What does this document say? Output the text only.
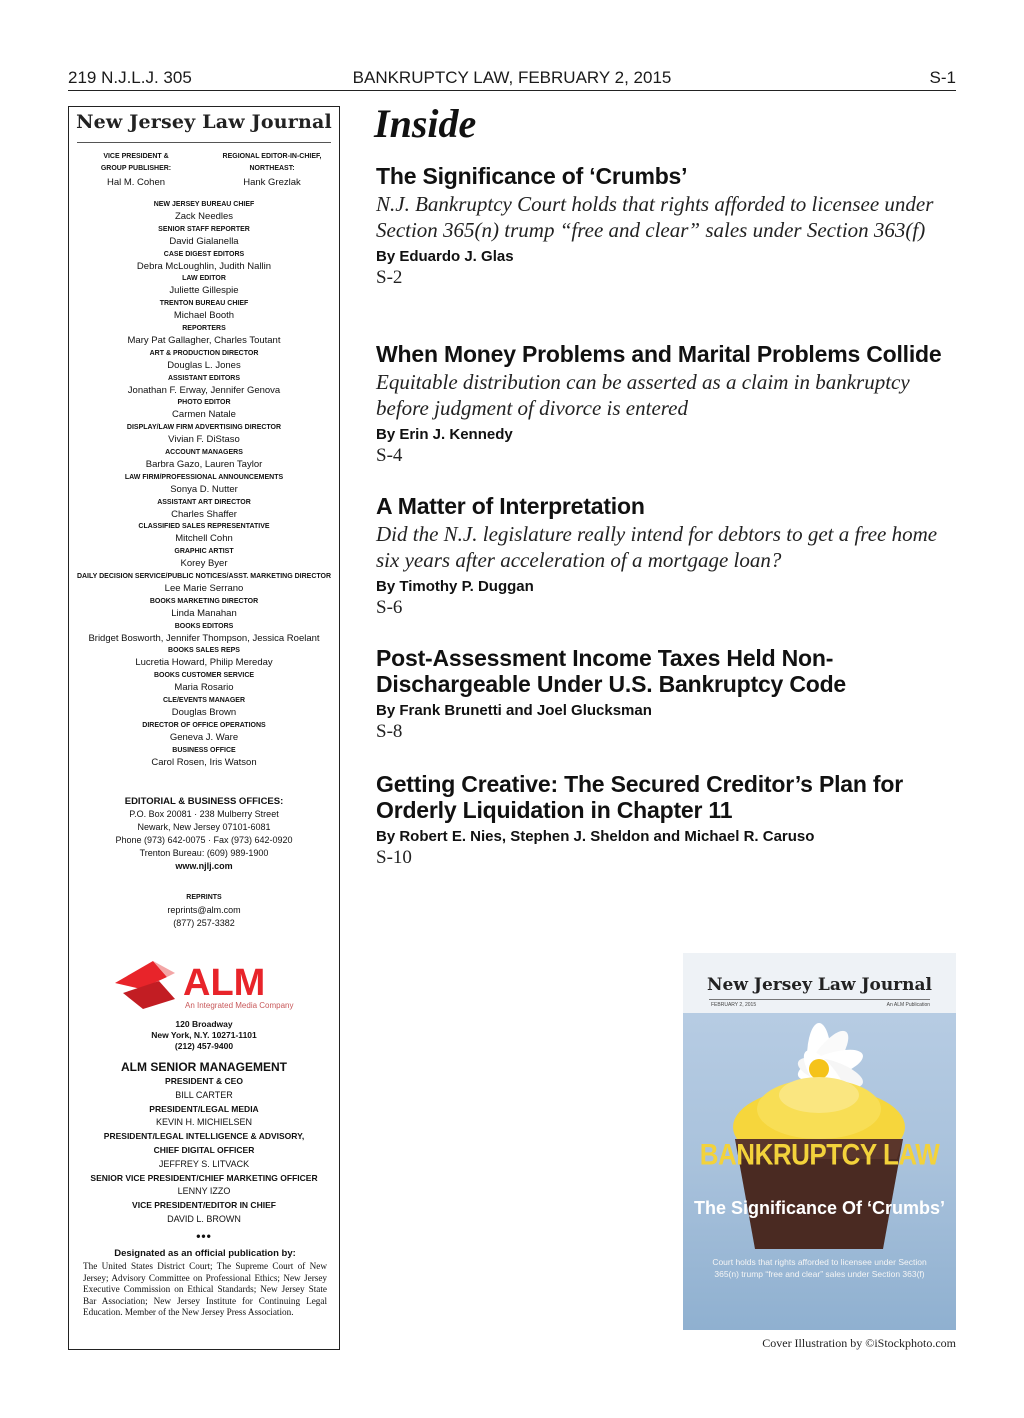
219 N.J.L.J. 305	BANKRUPTCY LAW, FEBRUARY 2, 2015	S-1
New Jersey Law Journal
VICE PRESIDENT &
GROUP PUBLISHER:
Hal M. Cohen
REGIONAL EDITOR-IN-CHIEF,
NORTHEAST:
Hank Grezlak
NEW JERSEY BUREAU CHIEF
Zack Needles
SENIOR STAFF REPORTER
David Gialanella
CASE DIGEST EDITORS
Debra McLoughlin, Judith Nallin
LAW EDITOR
Juliette Gillespie
TRENTON BUREAU CHIEF
Michael Booth
REPORTERS
Mary Pat Gallagher, Charles Toutant
ART & PRODUCTION DIRECTOR
Douglas L. Jones
ASSISTANT EDITORS
Jonathan F. Erway, Jennifer Genova
PHOTO EDITOR
Carmen Natale
DISPLAY/LAW FIRM ADVERTISING DIRECTOR
Vivian F. DiStaso
ACCOUNT MANAGERS
Barbra Gazo, Lauren Taylor
LAW FIRM/PROFESSIONAL ANNOUNCEMENTS
Sonya D. Nutter
ASSISTANT ART DIRECTOR
Charles Shaffer
CLASSIFIED SALES REPRESENTATIVE
Mitchell Cohn
GRAPHIC ARTIST
Korey Byer
DAILY DECISION SERVICE/PUBLIC NOTICES/ASST. MARKETING DIRECTOR
Lee Marie Serrano
BOOKS MARKETING DIRECTOR
Linda Manahan
BOOKS EDITORS
Bridget Bosworth, Jennifer Thompson, Jessica Roelant
BOOKS SALES REPS
Lucretia Howard, Philip Mereday
BOOKS CUSTOMER SERVICE
Maria Rosario
CLE/EVENTS MANAGER
Douglas Brown
DIRECTOR OF OFFICE OPERATIONS
Geneva J. Ware
BUSINESS OFFICE
Carol Rosen, Iris Watson
EDITORIAL & BUSINESS OFFICES:
P.O. Box 20081 · 238 Mulberry Street
Newark, New Jersey 07101-6081
Phone (973) 642-0075 · Fax (973) 642-0920
Trenton Bureau: (609) 989-1900
www.njlj.com
REPRINTS
reprints@alm.com
(877) 257-3382
ALM
An Integrated Media Company
120 Broadway
New York, N.Y. 10271-1101
(212) 457-9400
ALM SENIOR MANAGEMENT
PRESIDENT & CEO
BILL CARTER
PRESIDENT/LEGAL MEDIA
KEVIN H. MICHIELSEN
PRESIDENT/LEGAL INTELLIGENCE & ADVISORY,
CHIEF DIGITAL OFFICER
JEFFREY S. LITVACK
SENIOR VICE PRESIDENT/CHIEF MARKETING OFFICER
LENNY IZZO
VICE PRESIDENT/EDITOR IN CHIEF
DAVID L. BROWN
•••
Designated as an official publication by:
The United States District Court; The Supreme Court of New Jersey; Advisory Committee on Professional Ethics; New Jersey Executive Commission on Ethical Standards; New Jersey State Bar Association; New Jersey Institute for Continuing Legal Education. Member of the New Jersey Press Association.
Inside
The Significance of ‘Crumbs’
N.J. Bankruptcy Court holds that rights afforded to licensee under Section 365(n) trump “free and clear” sales under Section 363(f)
By Eduardo J. Glas
S-2
When Money Problems and Marital Problems Collide
Equitable distribution can be asserted as a claim in bankruptcy before judgment of divorce is entered
By Erin J. Kennedy
S-4
A Matter of Interpretation
Did the N.J. legislature really intend for debtors to get a free home six years after acceleration of a mortgage loan?
By Timothy P. Duggan
S-6
Post-Assessment Income Taxes Held Non-Dischargeable Under U.S. Bankruptcy Code
By Frank Brunetti and Joel Glucksman
S-8
Getting Creative: The Secured Creditor’s Plan for Orderly Liquidation in Chapter 11
By Robert E. Nies, Stephen J. Sheldon and Michael R. Caruso
S-10
New Jersey Law Journal
FEBRUARY 2, 2015	An ALM Publication
BANKRUPTCY LAW
The Significance Of ‘Crumbs’
Court holds that rights afforded to licensee under Section 365(n) trump “free and clear” sales under Section 363(f)
Cover Illustration by ©iStockphoto.com
